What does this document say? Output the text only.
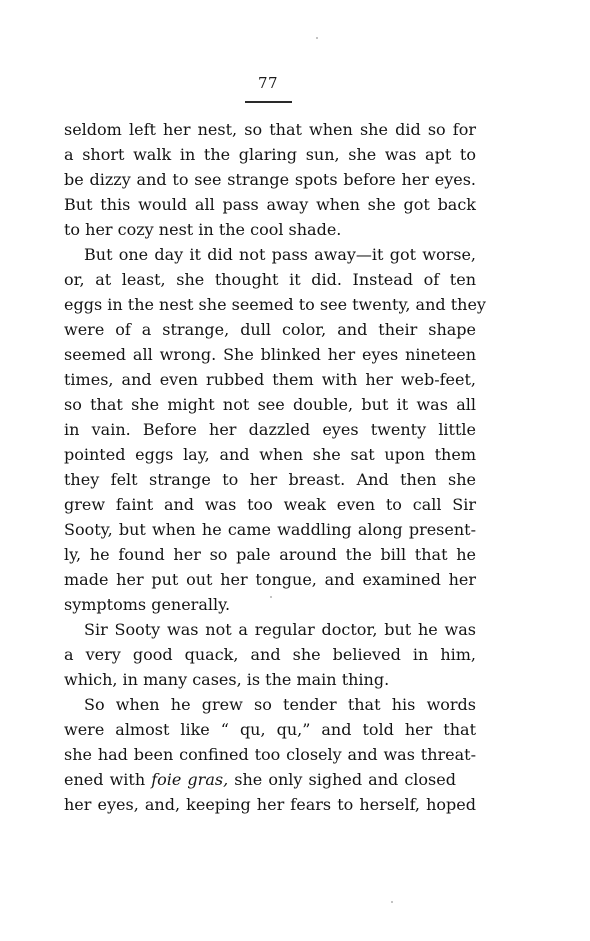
77
seldom left her nest, so that when she did so for
a short walk in the glaring sun, she was apt to
be dizzy and to see strange spots before her eyes.
But this would all pass away when she got back
to her cozy nest in the cool shade.
But one day it did not pass away—it got worse,
or, at least, she thought it did. Instead of ten
eggs in the nest she seemed to see twenty, and they
were of a strange, dull color, and their shape
seemed all wrong. She blinked her eyes nineteen
times, and even rubbed them with her web-feet,
so that she might not see double, but it was all
in vain. Before her dazzled eyes twenty little
pointed eggs lay, and when she sat upon them
they felt strange to her breast. And then she
grew faint and was too weak even to call Sir
Sooty, but when he came waddling along present-
ly, he found her so pale around the bill that he
made her put out her tongue, and examined her
symptoms generally.
Sir Sooty was not a regular doctor, but he was
a very good quack, and she believed in him,
which, in many cases, is the main thing.
So when he grew so tender that his words
were almost like “ qu, qu,” and told her that
she had been confined too closely and was threat-
ened with foie gras, she only sighed and closed
her eyes, and, keeping her fears to herself, hoped
